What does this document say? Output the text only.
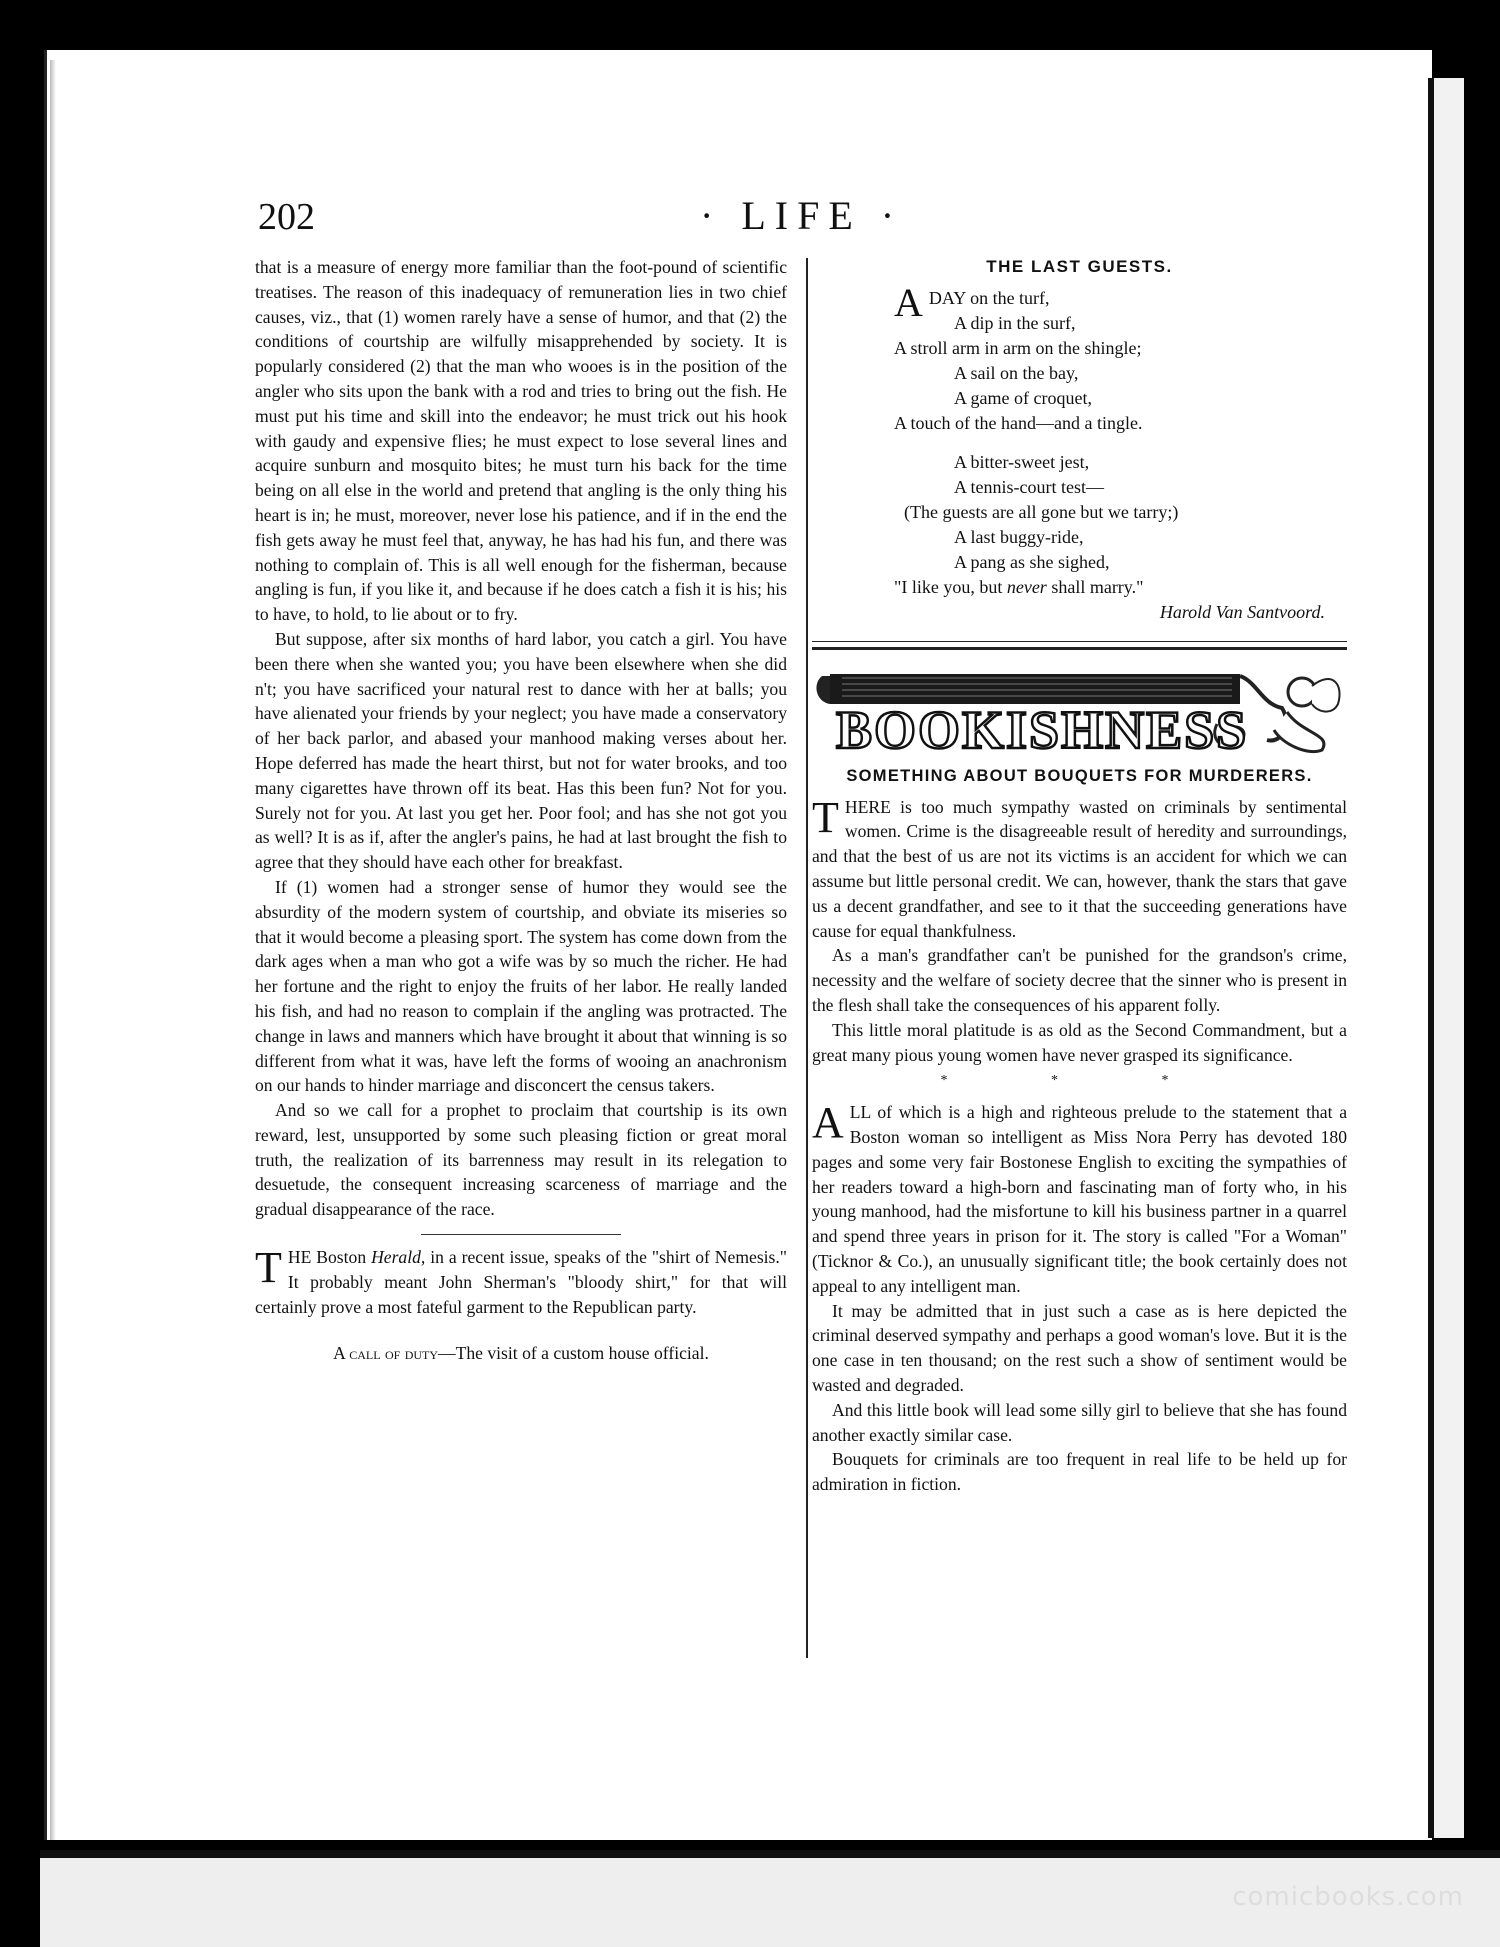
202	· LIFE ·

that is a measure of energy more familiar than the foot-pound of scientific treatises. The reason of this inadequacy of remuneration lies in two chief causes, viz., that (1) women rarely have a sense of humor, and that (2) the conditions of courtship are wilfully misapprehended by society. It is popularly considered (2) that the man who wooes is in the position of the angler who sits upon the bank with a rod and tries to bring out the fish. He must put his time and skill into the endeavor; he must trick out his hook with gaudy and expensive flies; he must expect to lose several lines and acquire sunburn and mosquito bites; he must turn his back for the time being on all else in the world and pretend that angling is the only thing his heart is in; he must, moreover, never lose his patience, and if in the end the fish gets away he must feel that, anyway, he has had his fun, and there was nothing to complain of. This is all well enough for the fisherman, because angling is fun, if you like it, and because if he does catch a fish it is his; his to have, to hold, to lie about or to fry.

But suppose, after six months of hard labor, you catch a girl. You have been there when she wanted you; you have been elsewhere when she did n't; you have sacrificed your natural rest to dance with her at balls; you have alienated your friends by your neglect; you have made a conservatory of her back parlor, and abased your manhood making verses about her. Hope deferred has made the heart thirst, but not for water brooks, and too many cigarettes have thrown off its beat. Has this been fun? Not for you. Surely not for you. At last you get her. Poor fool; and has she not got you as well? It is as if, after the angler's pains, he had at last brought the fish to agree that they should have each other for breakfast.

If (1) women had a stronger sense of humor they would see the absurdity of the modern system of courtship, and obviate its miseries so that it would become a pleasing sport. The system has come down from the dark ages when a man who got a wife was by so much the richer. He had her fortune and the right to enjoy the fruits of her labor. He really landed his fish, and had no reason to complain if the angling was protracted. The change in laws and manners which have brought it about that winning is so different from what it was, have left the forms of wooing an anachronism on our hands to hinder marriage and disconcert the census takers.

And so we call for a prophet to proclaim that courtship is its own reward, lest, unsupported by some such pleasing fiction or great moral truth, the realization of its barrenness may result in its relegation to desuetude, the consequent increasing scarceness of marriage and the gradual disappearance of the race.

THE Boston Herald, in a recent issue, speaks of the "shirt of Nemesis." It probably meant John Sherman's "bloody shirt," for that will certainly prove a most fateful garment to the Republican party.

A call of duty—The visit of a custom house official.
THE LAST GUESTS.
ADAY on the turf,
A dip in the surf,
A stroll arm in arm on the shingle;
A sail on the bay,
A game of croquet,
A touch of the hand—and a tingle.
A bitter-sweet jest,
A tennis-court test—
(The guests are all gone but we tarry;)
A last buggy-ride,
A pang as she sighed,
"I like you, but never shall marry."
Harold Van Santvoord.
BOOKISHNESS
SOMETHING ABOUT BOUQUETS FOR MURDERERS.

THERE is too much sympathy wasted on criminals by sentimental women. Crime is the disagreeable result of heredity and surroundings, and that the best of us are not its victims is an accident for which we can assume but little personal credit. We can, however, thank the stars that gave us a decent grandfather, and see to it that the succeeding generations have cause for equal thankfulness.

As a man's grandfather can't be punished for the grandson's crime, necessity and the welfare of society decree that the sinner who is present in the flesh shall take the consequences of his apparent folly.

This little moral platitude is as old as the Second Commandment, but a great many pious young women have never grasped its significance.

* * *

ALL of which is a high and righteous prelude to the statement that a Boston woman so intelligent as Miss Nora Perry has devoted 180 pages and some very fair Bostonese English to exciting the sympathies of her readers toward a high-born and fascinating man of forty who, in his young manhood, had the misfortune to kill his business partner in a quarrel and spend three years in prison for it. The story is called "For a Woman" (Ticknor & Co.), an unusually significant title; the book certainly does not appeal to any intelligent man.

It may be admitted that in just such a case as is here depicted the criminal deserved sympathy and perhaps a good woman's love. But it is the one case in ten thousand; on the rest such a show of sentiment would be wasted and degraded.

And this little book will lead some silly girl to believe that she has found another exactly similar case.

Bouquets for criminals are too frequent in real life to be held up for admiration in fiction.

comicbooks.com
